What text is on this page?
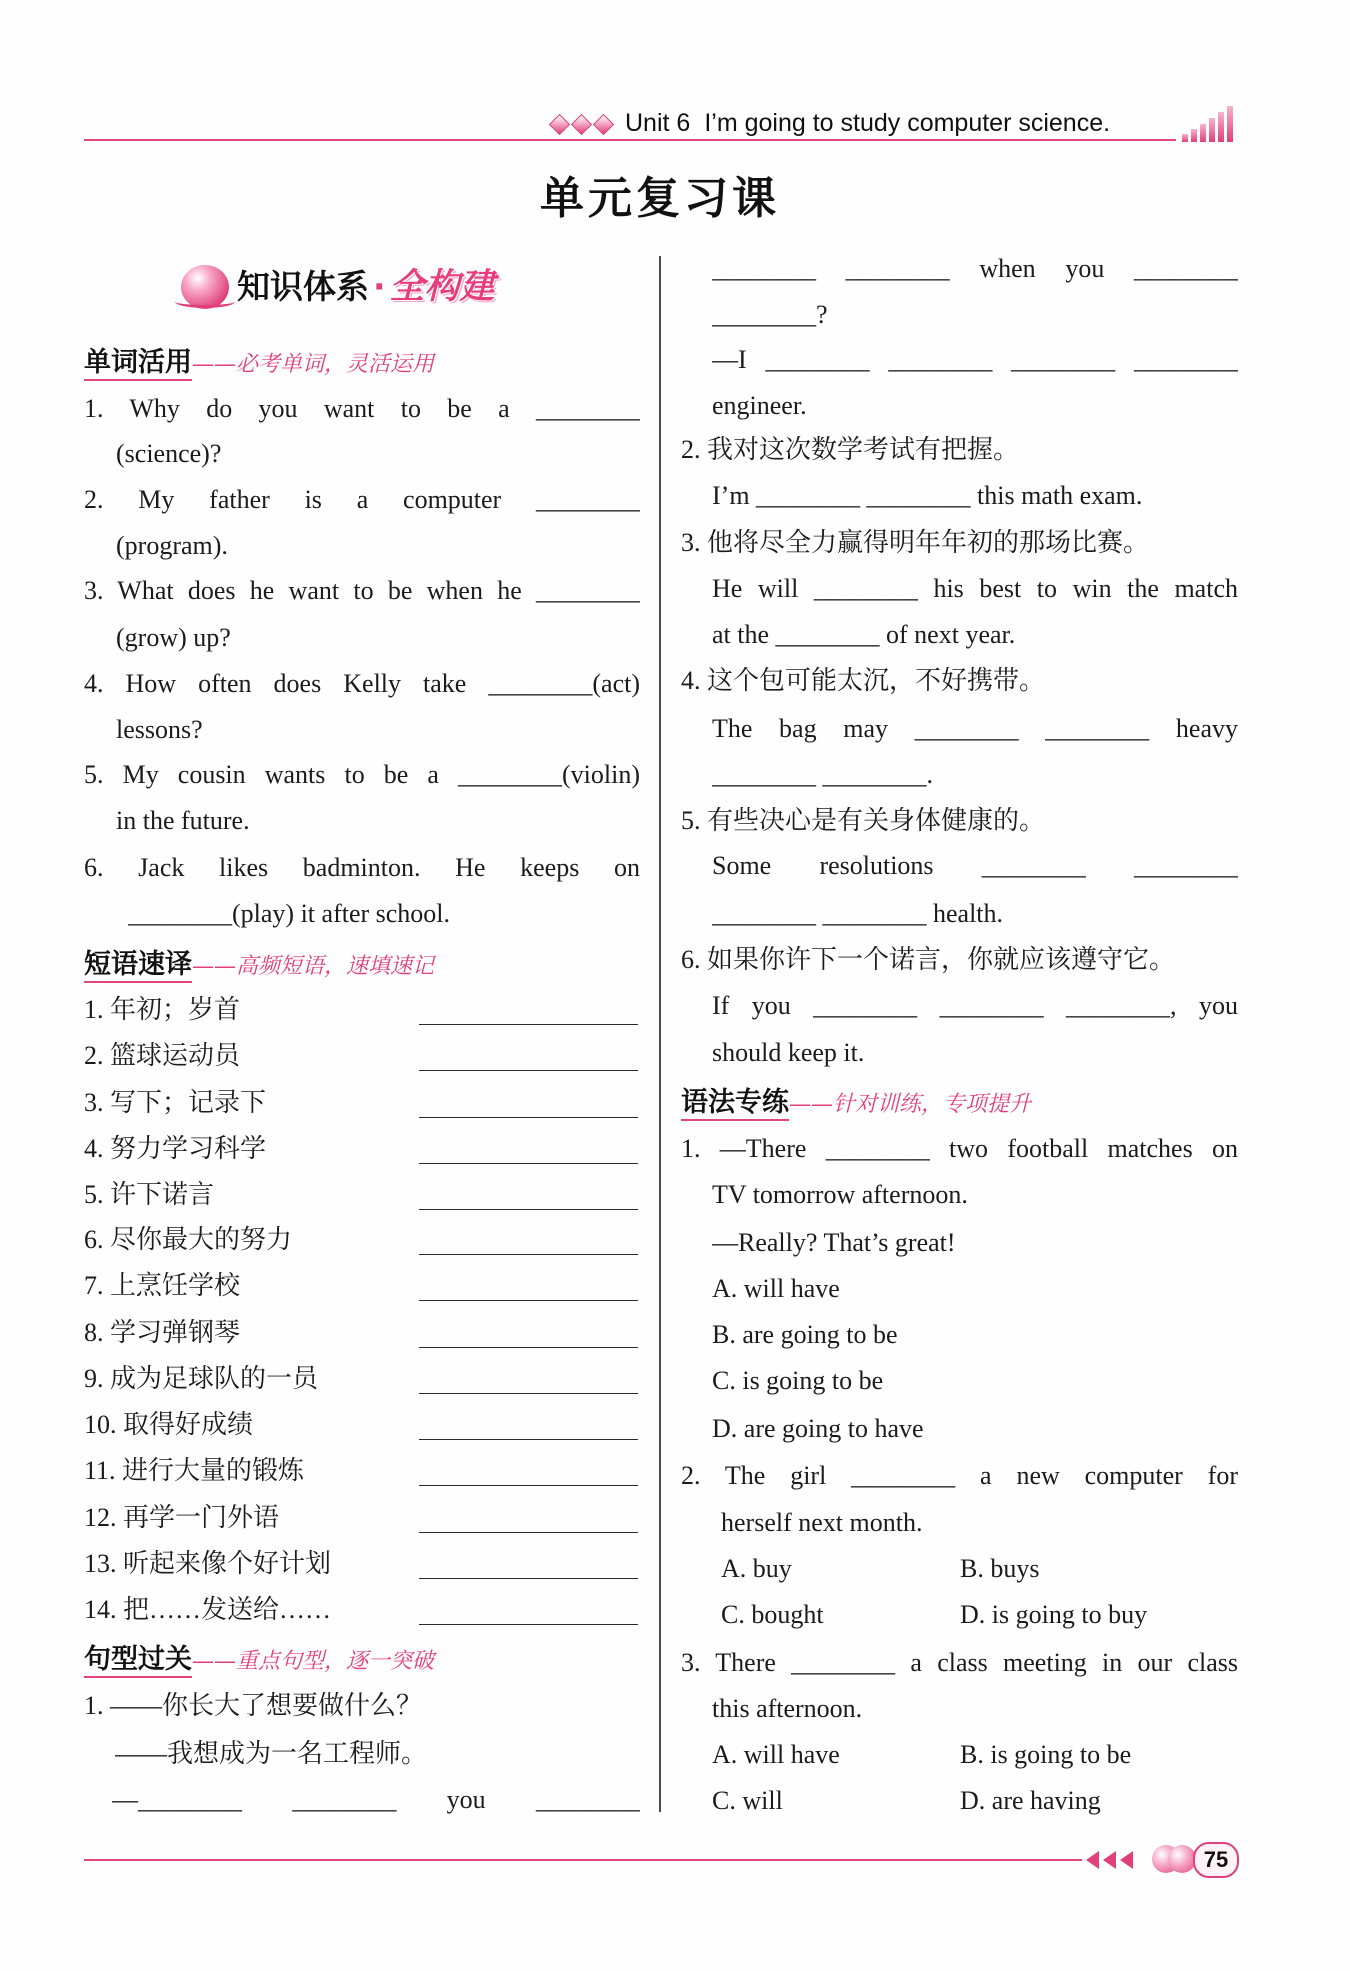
Unit 6 I’m going to study computer science.
单元复习课
知识体系 · 全构建
单词活用——必考单词，灵活运用
1. Why do you want to be a ________
(science)?
2. My father is a computer ________
(program).
3. What does he want to be when he ________
(grow) up?
4. How often does Kelly take ________(act)
lessons?
5. My cousin wants to be a ________(violin)
in the future.
6. Jack likes badminton. He keeps on
________(play) it after school.
短语速译——高频短语，速填速记
1. 年初；岁首
2. 篮球运动员
3. 写下；记录下
4. 努力学习科学
5. 许下诺言
6. 尽你最大的努力
7. 上烹饪学校
8. 学习弹钢琴
9. 成为足球队的一员
10. 取得好成绩
11. 进行大量的锻炼
12. 再学一门外语
13. 听起来像个好计划
14. 把……发送给……
句型过关——重点句型，逐一突破
1. ——你长大了想要做什么？
——我想成为一名工程师。
—________ ________ you ________
________ ________ when you ________
________?
—I ________ ________ ________ ________
engineer.
2. 我对这次数学考试有把握。
I’m ________ ________ this math exam.
3. 他将尽全力赢得明年年初的那场比赛。
He will ________ his best to win the match
at the ________ of next year.
4. 这个包可能太沉，不好携带。
The bag may ________ ________ heavy
________ ________.
5. 有些决心是有关身体健康的。
Some resolutions ________ ________
________ ________ health.
6. 如果你许下一个诺言，你就应该遵守它。
If you ________ ________ ________, you
should keep it.
语法专练——针对训练，专项提升
1. —There ________ two football matches on
TV tomorrow afternoon.
—Really? That’s great!
A. will have
B. are going to be
C. is going to be
D. are going to have
2. The girl ________ a new computer for
herself next month.
A. buy	B. buys
C. bought	D. is going to buy
3. There ________ a class meeting in our class
this afternoon.
A. will have	B. is going to be
C. will	D. are having
75
